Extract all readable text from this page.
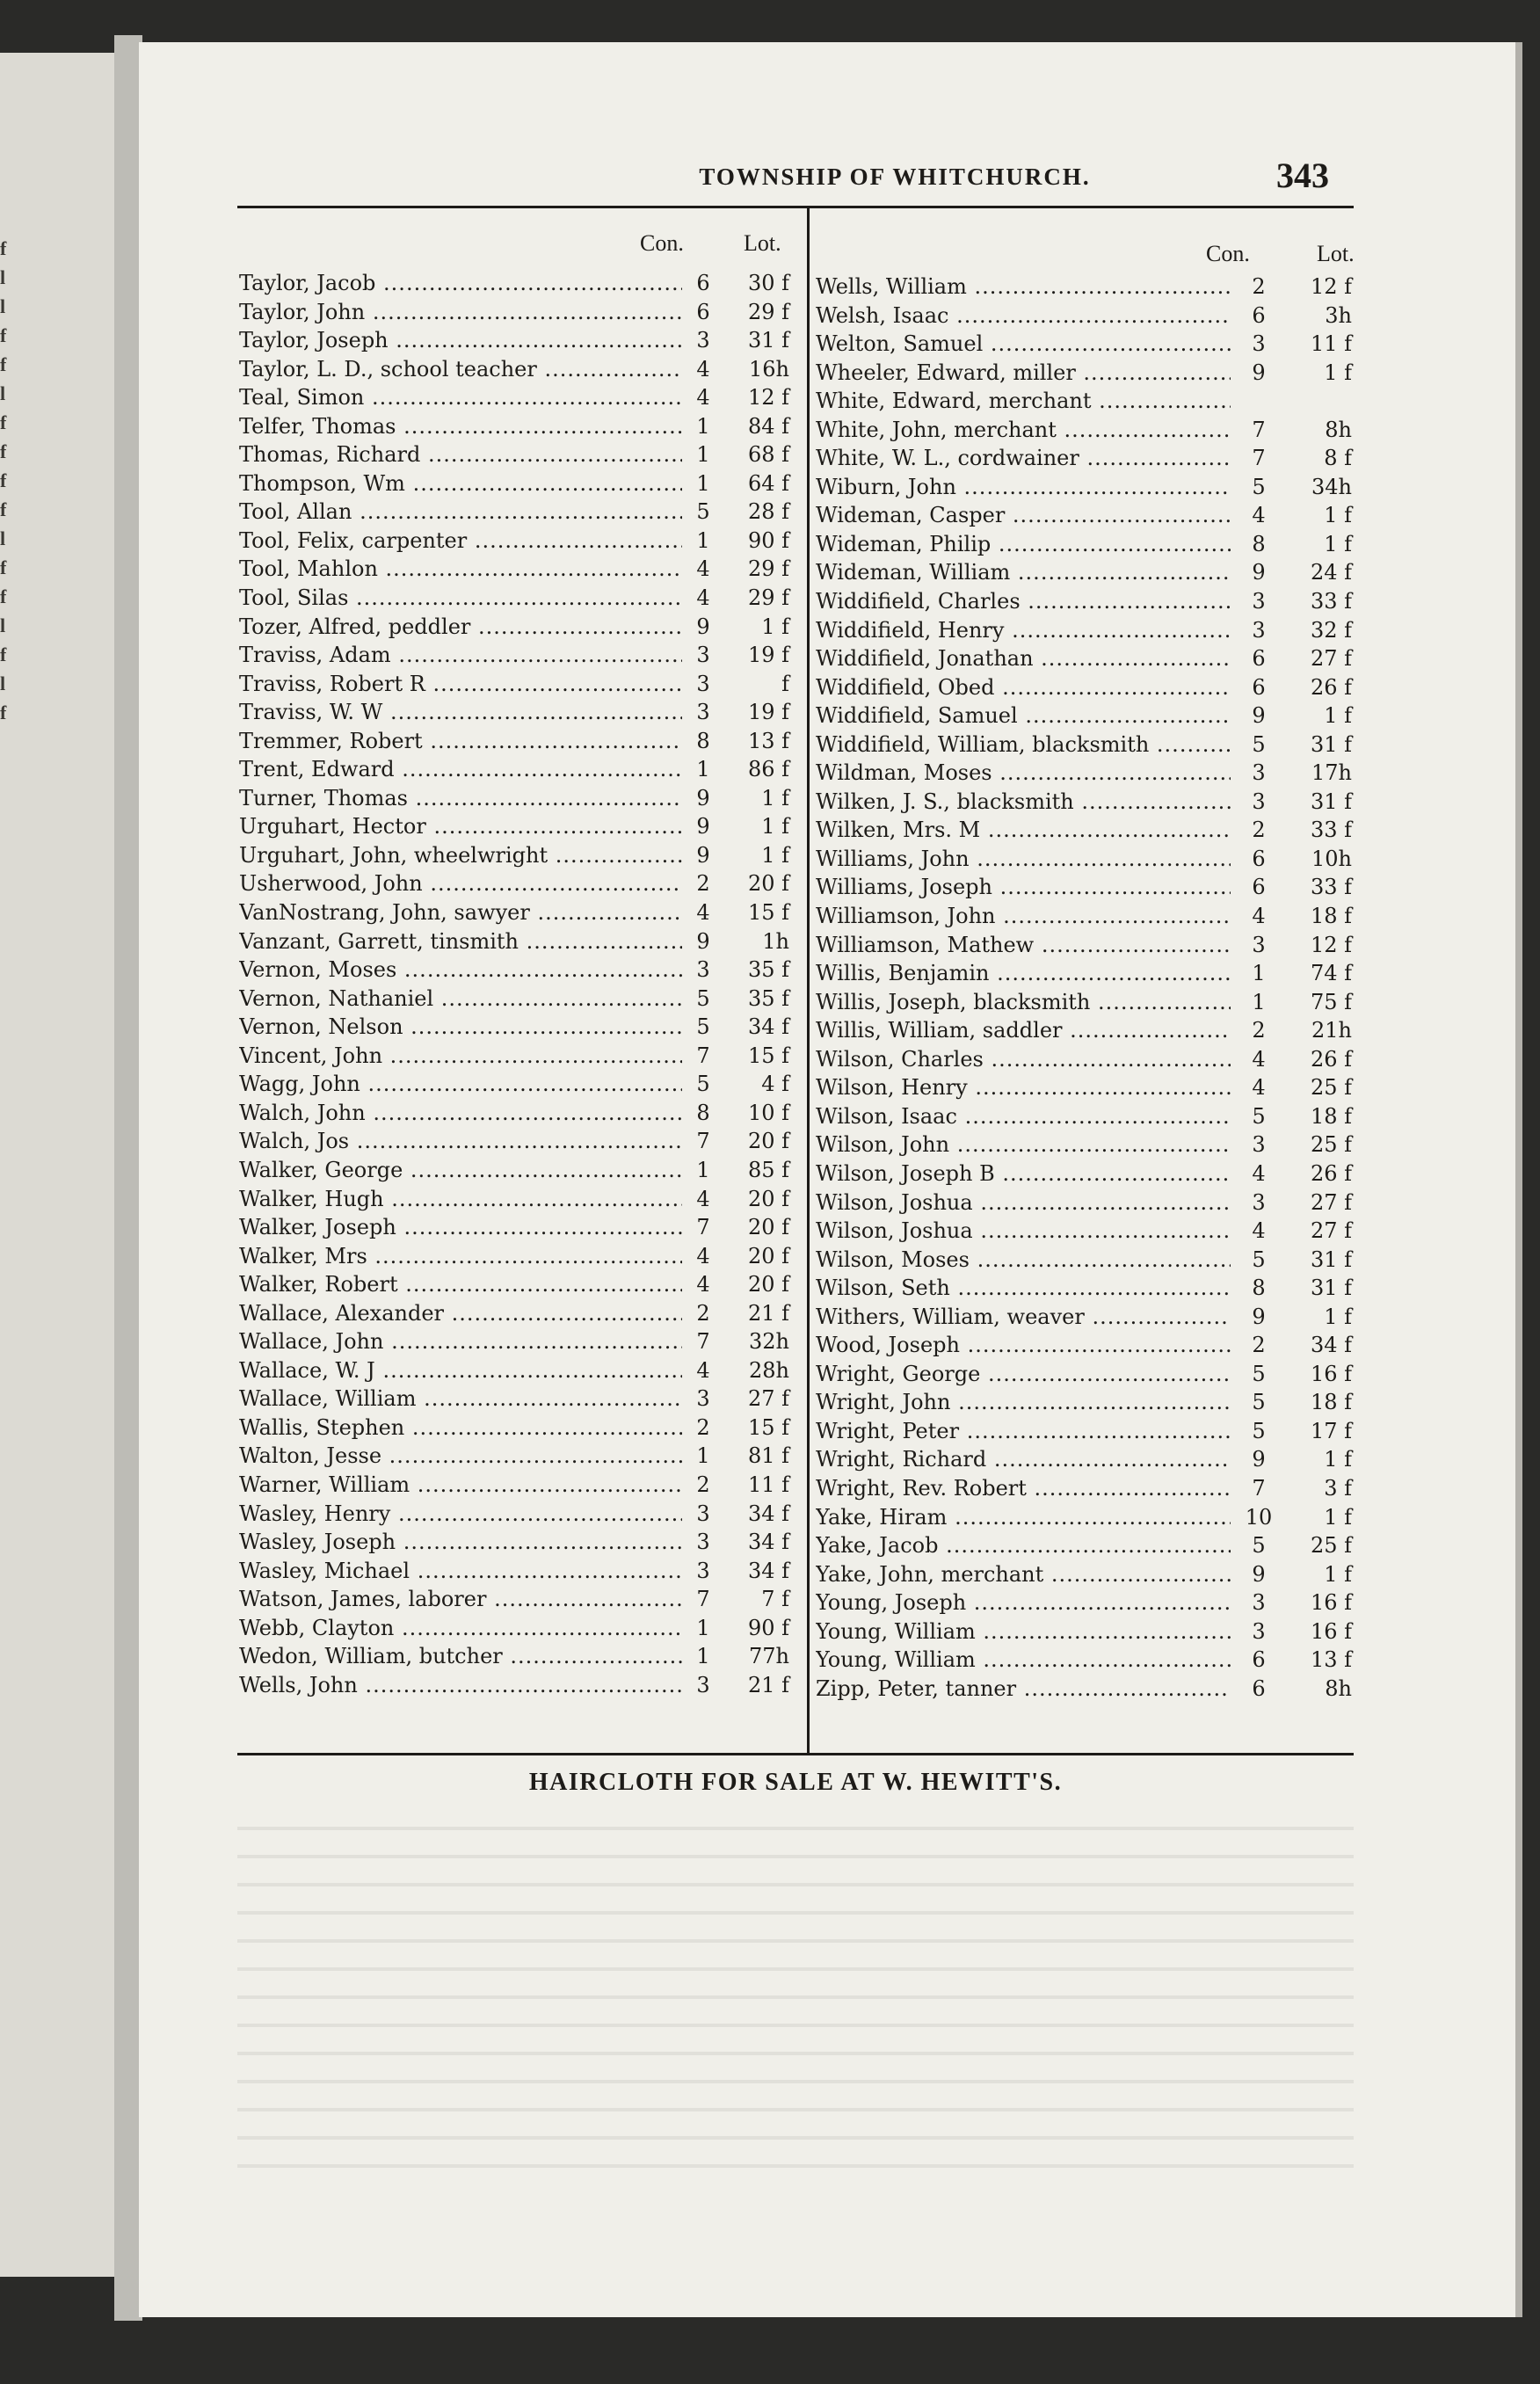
f
l
l
f
f
l
f
f
f
f
l
f
f
l
f
l
f
TOWNSHIP OF WHITCHURCH.	343
Con.	Lot.	Con.	Lot.
Taylor, Jacob .....	6	30 f
Taylor, John .....	6	29 f
Taylor, Joseph .....	3	31 f
Taylor, L. D., school teacher .....	4	16h
Teal, Simon .....	4	12 f
Telfer, Thomas .....	1	84 f
Thomas, Richard .....	1	68 f
Thompson, Wm .....	1	64 f
Tool, Allan .....	5	28 f
Tool, Felix, carpenter .....	1	90 f
Tool, Mahlon .....	4	29 f
Tool, Silas .....	4	29 f
Tozer, Alfred, peddler .....	9	1 f
Traviss, Adam .....	3	19 f
Traviss, Robert R .....	3	f
Traviss, W. W .....	3	19 f
Tremmer, Robert .....	8	13 f
Trent, Edward .....	1	86 f
Turner, Thomas .....	9	1 f
Urguhart, Hector .....	9	1 f
Urguhart, John, wheelwright .....	9	1 f
Usherwood, John .....	2	20 f
VanNostrang, John, sawyer .....	4	15 f
Vanzant, Garrett, tinsmith .....	9	1h
Vernon, Moses .....	3	35 f
Vernon, Nathaniel .....	5	35 f
Vernon, Nelson .....	5	34 f
Vincent, John .....	7	15 f
Wagg, John .....	5	4 f
Walch, John .....	8	10 f
Walch, Jos .....	7	20 f
Walker, George .....	1	85 f
Walker, Hugh .....	4	20 f
Walker, Joseph .....	7	20 f
Walker, Mrs .....	4	20 f
Walker, Robert .....	4	20 f
Wallace, Alexander .....	2	21 f
Wallace, John .....	7	32h
Wallace, W. J .....	4	28h
Wallace, William .....	3	27 f
Wallis, Stephen .....	2	15 f
Walton, Jesse .....	1	81 f
Warner, William .....	2	11 f
Wasley, Henry .....	3	34 f
Wasley, Joseph .....	3	34 f
Wasley, Michael .....	3	34 f
Watson, James, laborer .....	7	7 f
Webb, Clayton .....	1	90 f
Wedon, William, butcher .....	1	77h
Wells, John .....	3	21 f
Wells, William .....	2	12 f
Welsh, Isaac .....	6	3h
Welton, Samuel .....	3	11 f
Wheeler, Edward, miller .....	9	1 f
White, Edward, merchant .....
White, John, merchant .....	7	8h
White, W. L., cordwainer .....	7	8 f
Wiburn, John .....	5	34h
Wideman, Casper .....	4	1 f
Wideman, Philip .....	8	1 f
Wideman, William .....	9	24 f
Widdifield, Charles .....	3	33 f
Widdifield, Henry .....	3	32 f
Widdifield, Jonathan .....	6	27 f
Widdifield, Obed .....	6	26 f
Widdifield, Samuel .....	9	1 f
Widdifield, William, blacksmith .....	5	31 f
Wildman, Moses .....	3	17h
Wilken, J. S., blacksmith .....	3	31 f
Wilken, Mrs. M .....	2	33 f
Williams, John .....	6	10h
Williams, Joseph .....	6	33 f
Williamson, John .....	4	18 f
Williamson, Mathew .....	3	12 f
Willis, Benjamin .....	1	74 f
Willis, Joseph, blacksmith .....	1	75 f
Willis, William, saddler .....	2	21h
Wilson, Charles .....	4	26 f
Wilson, Henry .....	4	25 f
Wilson, Isaac .....	5	18 f
Wilson, John .....	3	25 f
Wilson, Joseph B .....	4	26 f
Wilson, Joshua .....	3	27 f
Wilson, Joshua .....	4	27 f
Wilson, Moses .....	5	31 f
Wilson, Seth .....	8	31 f
Withers, William, weaver .....	9	1 f
Wood, Joseph .....	2	34 f
Wright, George .....	5	16 f
Wright, John .....	5	18 f
Wright, Peter .....	5	17 f
Wright, Richard .....	9	1 f
Wright, Rev. Robert .....	7	3 f
Yake, Hiram .....	10	1 f
Yake, Jacob .....	5	25 f
Yake, John, merchant .....	9	1 f
Young, Joseph .....	3	16 f
Young, William .....	3	16 f
Young, William .....	6	13 f
Zipp, Peter, tanner .....	6	8h
HAIRCLOTH FOR SALE AT W. HEWITT'S.
